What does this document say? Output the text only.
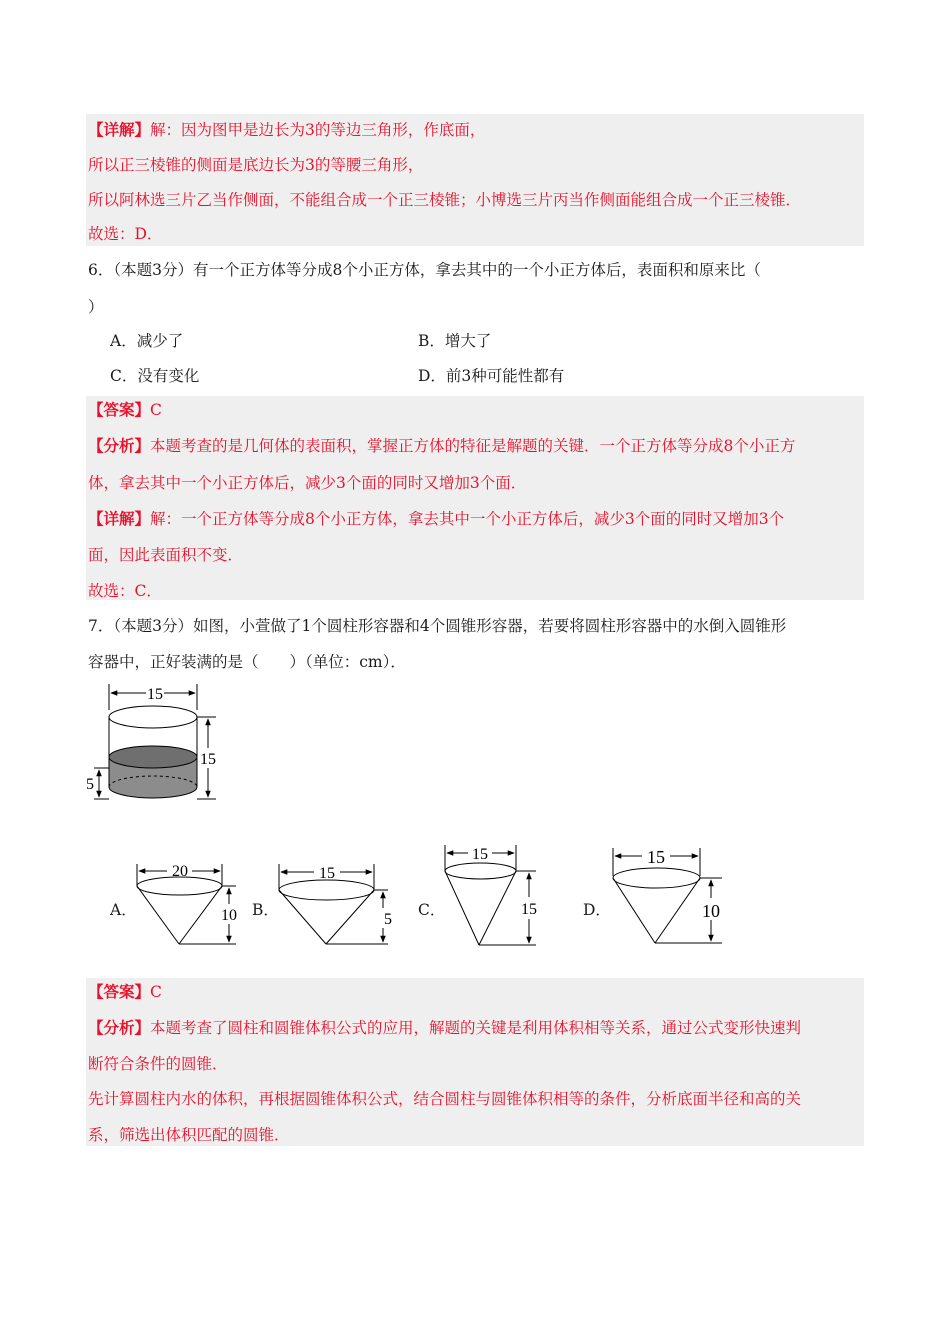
【详解】解：因为图甲是边长为3的等边三角形，作底面，
所以正三棱锥的侧面是底边长为3的等腰三角形，
所以阿林选三片乙当作侧面，不能组合成一个正三棱锥；小博选三片丙当作侧面能组合成一个正三棱锥．
故选：D．
6．（本题3分）有一个正方体等分成8个小正方体，拿去其中的一个小正方体后，表面积和原来比（
）
A．减少了	B．增大了
C．没有变化	D．前3种可能性都有
【答案】C
【分析】本题考查的是几何体的表面积，掌握正方体的特征是解题的关键．一个正方体等分成8个小正方
体，拿去其中一个小正方体后，减少3个面的同时又增加3个面．
【详解】解：一个正方体等分成8个小正方体，拿去其中一个小正方体后，减少3个面的同时又增加3个
面，因此表面积不变．
故选：C．
7．（本题3分）如图，小萱做了1个圆柱形容器和4个圆锥形容器，若要将圆柱形容器中的水倒入圆锥形
容器中，正好装满的是（　　）（单位：cm）．
15
15
5
A．
20
10 B．
15
5
C．
15
15	D．
15
10
【答案】C
【分析】本题考查了圆柱和圆锥体积公式的应用，解题的关键是利用体积相等关系，通过公式变形快速判
断符合条件的圆锥．
先计算圆柱内水的体积，再根据圆锥体积公式，结合圆柱与圆锥体积相等的条件，分析底面半径和高的关
系，筛选出体积匹配的圆锥．
